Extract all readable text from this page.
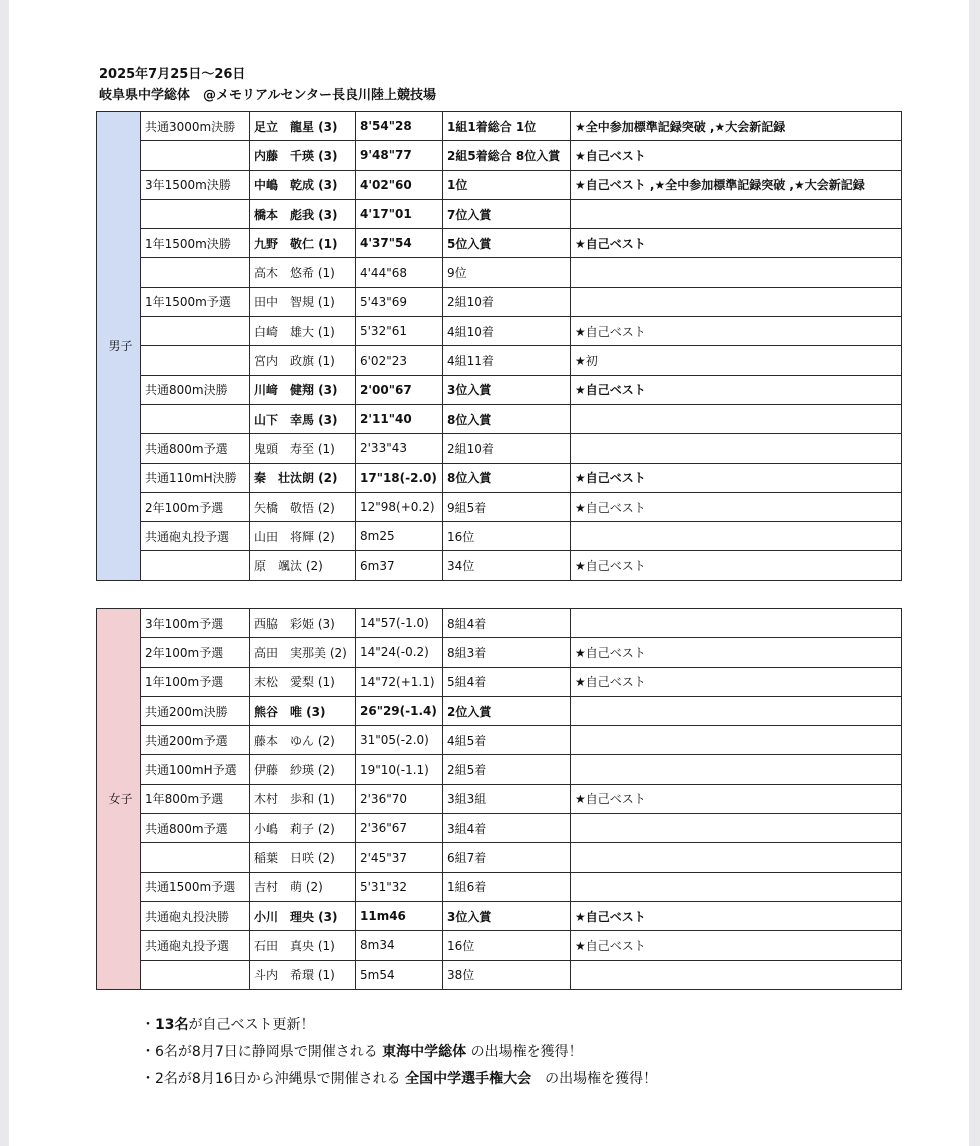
2025年7月25日～26日
岐阜県中学総体　@メモリアルセンター長良川陸上競技場
男子	共通3000m決勝	足立　龍星 (3)	8'54"28	1組1着総合 1位	★全中参加標準記録突破 ,★大会新記録
		内藤　千瑛 (3)	9'48"77	2組5着総合 8位入賞	★自己ベスト
	3年1500m決勝	中嶋　乾成 (3)	4'02"60	1位	★自己ベスト ,★全中参加標準記録突破 ,★大会新記録
		橋本　彪我 (3)	4'17"01	7位入賞	
	1年1500m決勝	九野　敬仁 (1)	4'37"54	5位入賞	★自己ベスト
		高木　悠希 (1)	4'44"68	9位	
	1年1500m予選	田中　智規 (1)	5'43"69	2組10着	
		白崎　雄大 (1)	5'32"61	4組10着	★自己ベスト
		宮内　政旗 (1)	6'02"23	4組11着	★初
	共通800m決勝	川﨑　健翔 (3)	2'00"67	3位入賞	★自己ベスト
		山下　幸馬 (3)	2'11"40	8位入賞	
	共通800m予選	鬼頭　寿至 (1)	2'33"43	2組10着	
	共通110mH決勝	秦　壮汰朗 (2)	17"18(-2.0)	8位入賞	★自己ベスト
	2年100m予選	矢橋　敬悟 (2)	12"98(+0.2)	9組5着	★自己ベスト
	共通砲丸投予選	山田　将輝 (2)	8m25	16位	
		原　颯汰 (2)	6m37	34位	★自己ベスト
女子	3年100m予選	西脇　彩姫 (3)	14"57(-1.0)	8組4着	
	2年100m予選	高田　実那美 (2)	14"24(-0.2)	8組3着	★自己ベスト
	1年100m予選	末松　愛梨 (1)	14"72(+1.1)	5組4着	★自己ベスト
	共通200m決勝	熊谷　唯 (3)	26"29(-1.4)	2位入賞	
	共通200m予選	藤本　ゆん (2)	31"05(-2.0)	4組5着	
	共通100mH予選	伊藤　紗瑛 (2)	19"10(-1.1)	2組5着	
	1年800m予選	木村　歩和 (1)	2'36"70	3組3組	★自己ベスト
	共通800m予選	小嶋　莉子 (2)	2'36"67	3組4着	
		稲葉　日咲 (2)	2'45"37	6組7着	
	共通1500m予選	吉村　萌 (2)	5'31"32	1組6着	
	共通砲丸投決勝	小川　理央 (3)	11m46	3位入賞	★自己ベスト
	共通砲丸投予選	石田　真央 (1)	8m34	16位	★自己ベスト
		斗内　希環 (1)	5m54	38位	
・13名が自己ベスト更新！
・6名が8月7日に静岡県で開催される 東海中学総体 の出場権を獲得！
・2名が8月16日から沖縄県で開催される 全国中学選手権大会　の出場権を獲得！
